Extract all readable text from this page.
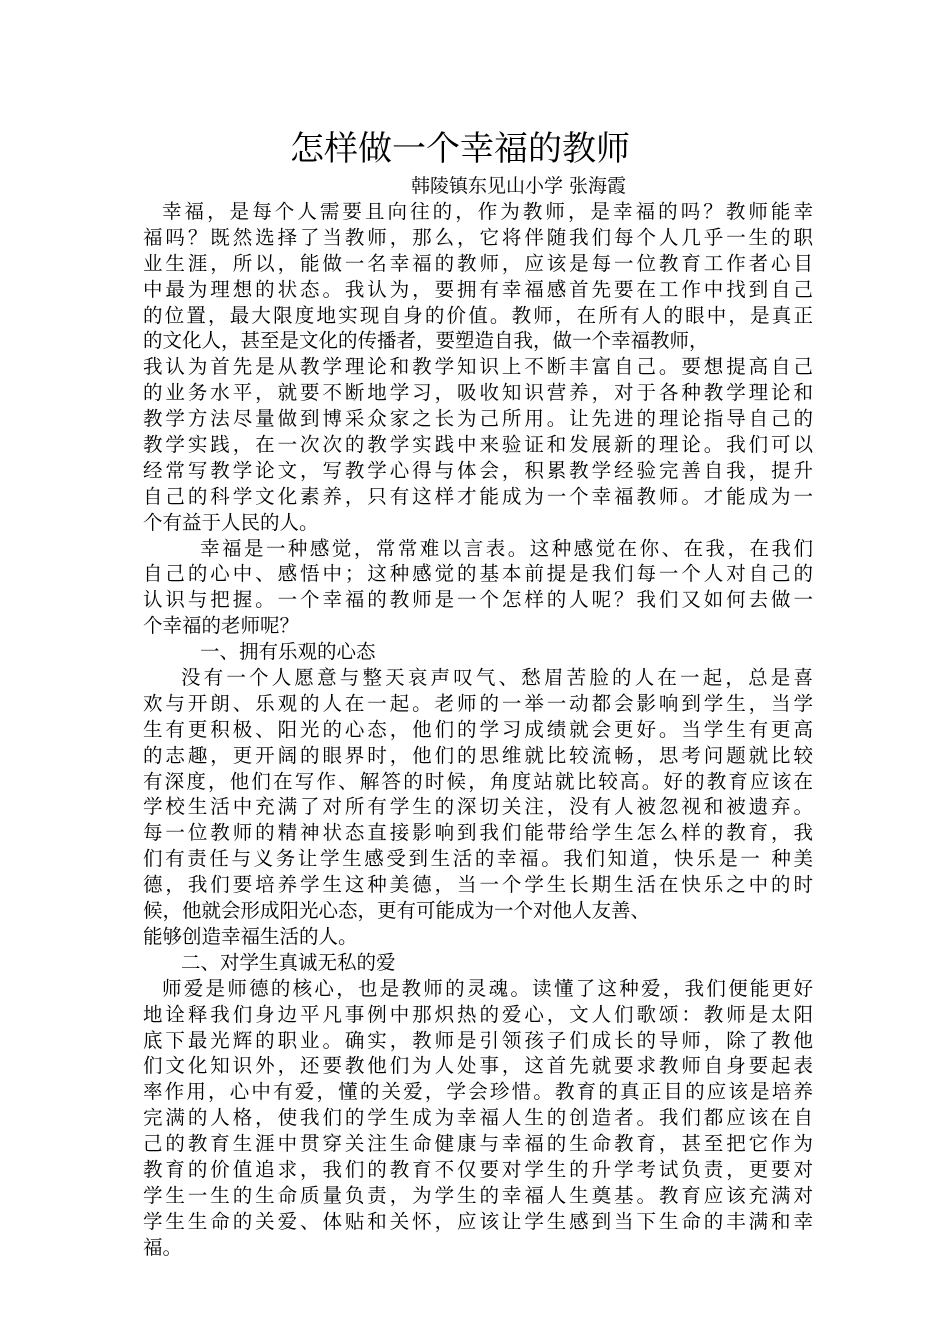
怎样做一个幸福的教师
韩陵镇东见山小学 张海霞
幸福，是每个人需要且向往的，作为教师，是幸福的吗？教师能幸
福吗？既然选择了当教师，那么，它将伴随我们每个人几乎一生的职
业生涯，所以，能做一名幸福的教师，应该是每一位教育工作者心目
中最为理想的状态。我认为，要拥有幸福感首先要在工作中找到自己
的位置，最大限度地实现自身的价值。教师，在所有人的眼中，是真正
的文化人，甚至是文化的传播者，要塑造自我，做一个幸福教师，
我认为首先是从教学理论和教学知识上不断丰富自己。要想提高自己
的业务水平，就要不断地学习，吸收知识营养，对于各种教学理论和
教学方法尽量做到博采众家之长为己所用。让先进的理论指导自己的
教学实践，在一次次的教学实践中来验证和发展新的理论。我们可以
经常写教学论文，写教学心得与体会，积累教学经验完善自我，提升
自己的科学文化素养，只有这样才能成为一个幸福教师。才能成为一
个有益于人民的人。
幸福是一种感觉，常常难以言表。这种感觉在你、在我，在我们
自己的心中、感悟中；这种感觉的基本前提是我们每一个人对自己的
认识与把握。一个幸福的教师是一个怎样的人呢？我们又如何去做一
个幸福的老师呢？
一、拥有乐观的心态
没有一个人愿意与整天哀声叹气、愁眉苦脸的人在一起，总是喜
欢与开朗、乐观的人在一起。老师的一举一动都会影响到学生，当学
生有更积极、阳光的心态，他们的学习成绩就会更好。当学生有更高
的志趣，更开阔的眼界时，他们的思维就比较流畅，思考问题就比较
有深度，他们在写作、解答的时候，角度站就比较高。好的教育应该在
学校生活中充满了对所有学生的深切关注，没有人被忽视和被遗弃。
每一位教师的精神状态直接影响到我们能带给学生怎么样的教育，我
们有责任与义务让学生感受到生活的幸福。我们知道，快乐是一 种美
德，我们要培养学生这种美德，当一个学生长期生活在快乐之中的时
候，他就会形成阳光心态，更有可能成为一个对他人友善、
能够创造幸福生活的人。
二、对学生真诚无私的爱
师爱是师德的核心，也是教师的灵魂。读懂了这种爱，我们便能更好
地诠释我们身边平凡事例中那炽热的爱心，文人们歌颂：教师是太阳
底下最光辉的职业。确实，教师是引领孩子们成长的导师，除了教他
们文化知识外，还要教他们为人处事，这首先就要求教师自身要起表
率作用，心中有爱，懂的关爱，学会珍惜。教育的真正目的应该是培养
完满的人格，使我们的学生成为幸福人生的创造者。我们都应该在自
己的教育生涯中贯穿关注生命健康与幸福的生命教育，甚至把它作为
教育的价值追求，我们的教育不仅要对学生的升学考试负责，更要对
学生一生的生命质量负责，为学生的幸福人生奠基。教育应该充满对
学生生命的关爱、体贴和关怀，应该让学生感到当下生命的丰满和幸
福。
